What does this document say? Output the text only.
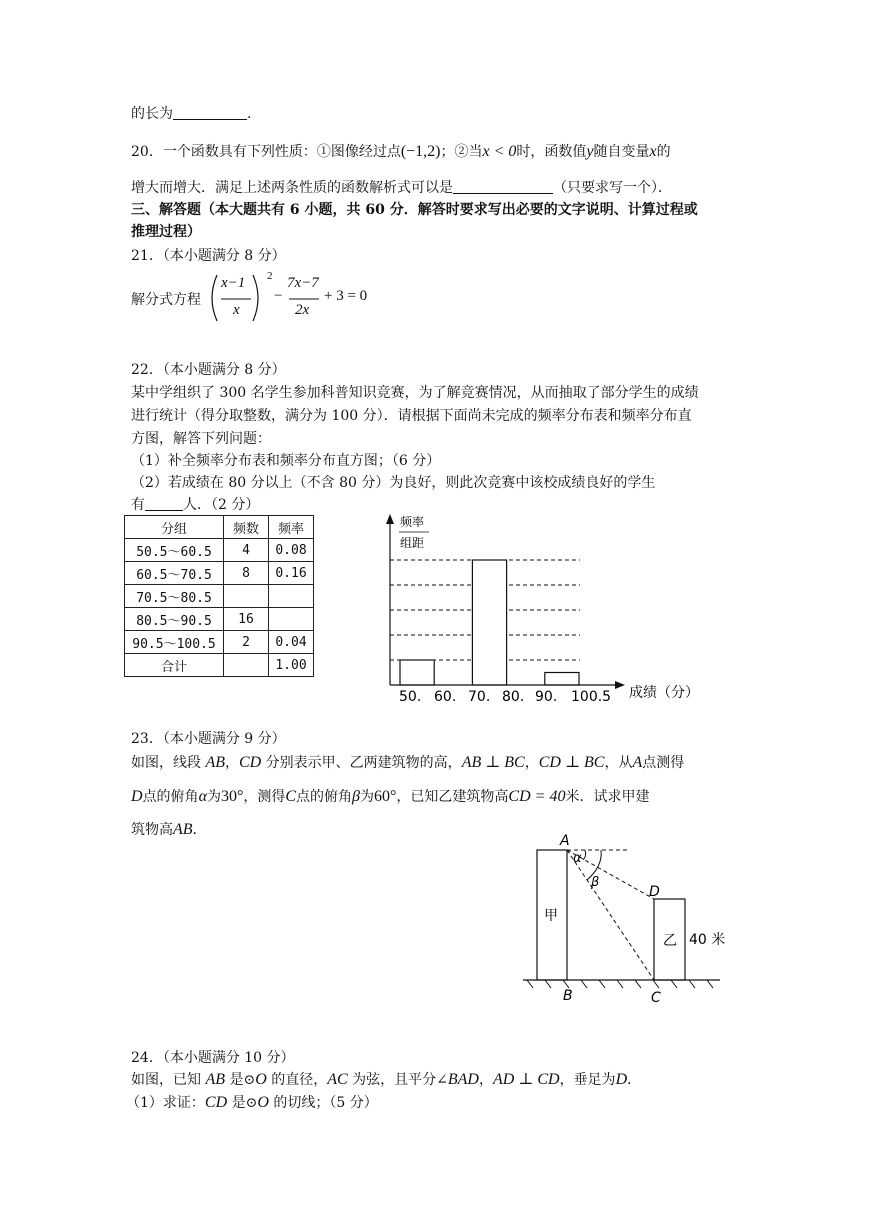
的长为	.
20．一个函数具有下列性质：①图像经过点(−1,2)；②当x < 0时，函数值y随自变量x的
增大而增大．满足上述两条性质的函数解析式可以是	（只要求写一个）．
三、解答题（本大题共有 6 小题，共 60 分．解答时要求写出必要的文字说明、计算过程或
推理过程）
21．（本小题满分 8 分）
解分式方程
x−1
x
2
−
7x−7
2x
+ 3 = 0
22．（本小题满分 8 分）
某中学组织了 300 名学生参加科普知识竞赛，为了解竞赛情况，从而抽取了部分学生的成绩
进行统计（得分取整数，满分为 100 分）．请根据下面尚未完成的频率分布表和频率分布直
方图，解答下列问题：
（1）补全频率分布表和频率分布直方图；（6 分）
（2）若成绩在 80 分以上（不含 80 分）为良好，则此次竞赛中该校成绩良好的学生
有	人．（2 分）
分组	频数	频率
50.5～60.5	4	0.08
60.5～70.5	8	0.16
70.5～80.5		
80.5～90.5	16	
90.5～100.5	2	0.04
合计		1.00
频率
组距
50. 60. 70. 80. 90. 100.5 成绩（分）
23．（本小题满分 9 分）
如图，线段 AB，CD 分别表示甲、乙两建筑物的高，AB ⊥ BC，CD ⊥ BC，从A点测得
D点的俯角α为30°，测得C点的俯角β为60°，已知乙建筑物高CD = 40米．试求甲建
筑物高AB．
A
B	C
D
α
β
甲
乙 40 米
24．（本小题满分 10 分）
如图，已知 AB 是⊙O 的直径，AC 为弦，且平分∠BAD，AD ⊥ CD，垂足为D．
（1）求证：CD 是⊙O 的切线；（5 分）
